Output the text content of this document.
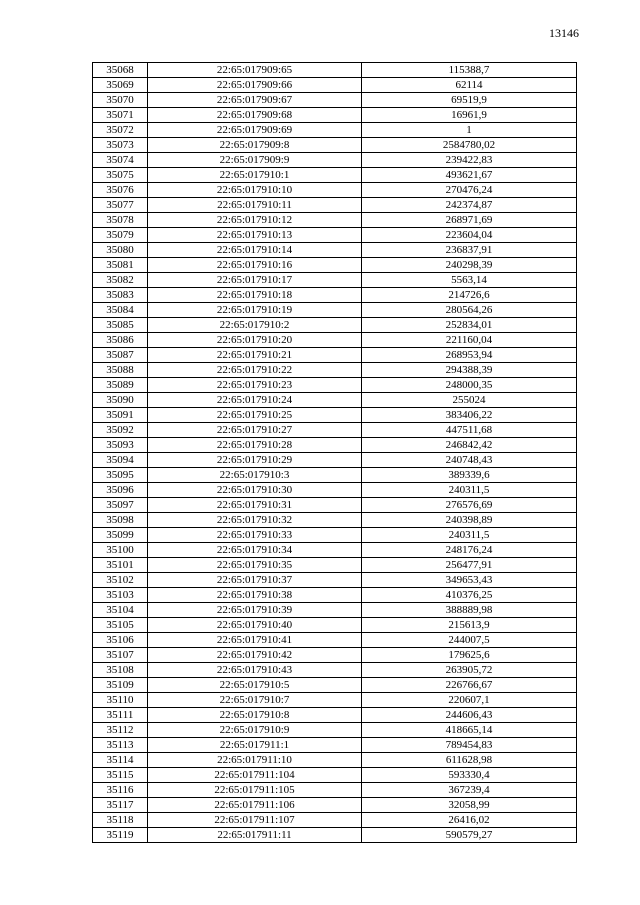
13146
35068	22:65:017909:65	115388,7
35069	22:65:017909:66	62114
35070	22:65:017909:67	69519,9
35071	22:65:017909:68	16961,9
35072	22:65:017909:69	1
35073	22:65:017909:8	2584780,02
35074	22:65:017909:9	239422,83
35075	22:65:017910:1	493621,67
35076	22:65:017910:10	270476,24
35077	22:65:017910:11	242374,87
35078	22:65:017910:12	268971,69
35079	22:65:017910:13	223604,04
35080	22:65:017910:14	236837,91
35081	22:65:017910:16	240298,39
35082	22:65:017910:17	5563,14
35083	22:65:017910:18	214726,6
35084	22:65:017910:19	280564,26
35085	22:65:017910:2	252834,01
35086	22:65:017910:20	221160,04
35087	22:65:017910:21	268953,94
35088	22:65:017910:22	294388,39
35089	22:65:017910:23	248000,35
35090	22:65:017910:24	255024
35091	22:65:017910:25	383406,22
35092	22:65:017910:27	447511,68
35093	22:65:017910:28	246842,42
35094	22:65:017910:29	240748,43
35095	22:65:017910:3	389339,6
35096	22:65:017910:30	240311,5
35097	22:65:017910:31	276576,69
35098	22:65:017910:32	240398,89
35099	22:65:017910:33	240311,5
35100	22:65:017910:34	248176,24
35101	22:65:017910:35	256477,91
35102	22:65:017910:37	349653,43
35103	22:65:017910:38	410376,25
35104	22:65:017910:39	388889,98
35105	22:65:017910:40	215613,9
35106	22:65:017910:41	244007,5
35107	22:65:017910:42	179625,6
35108	22:65:017910:43	263905,72
35109	22:65:017910:5	226766,67
35110	22:65:017910:7	220607,1
35111	22:65:017910:8	244606,43
35112	22:65:017910:9	418665,14
35113	22:65:017911:1	789454,83
35114	22:65:017911:10	611628,98
35115	22:65:017911:104	593330,4
35116	22:65:017911:105	367239,4
35117	22:65:017911:106	32058,99
35118	22:65:017911:107	26416,02
35119	22:65:017911:11	590579,27
